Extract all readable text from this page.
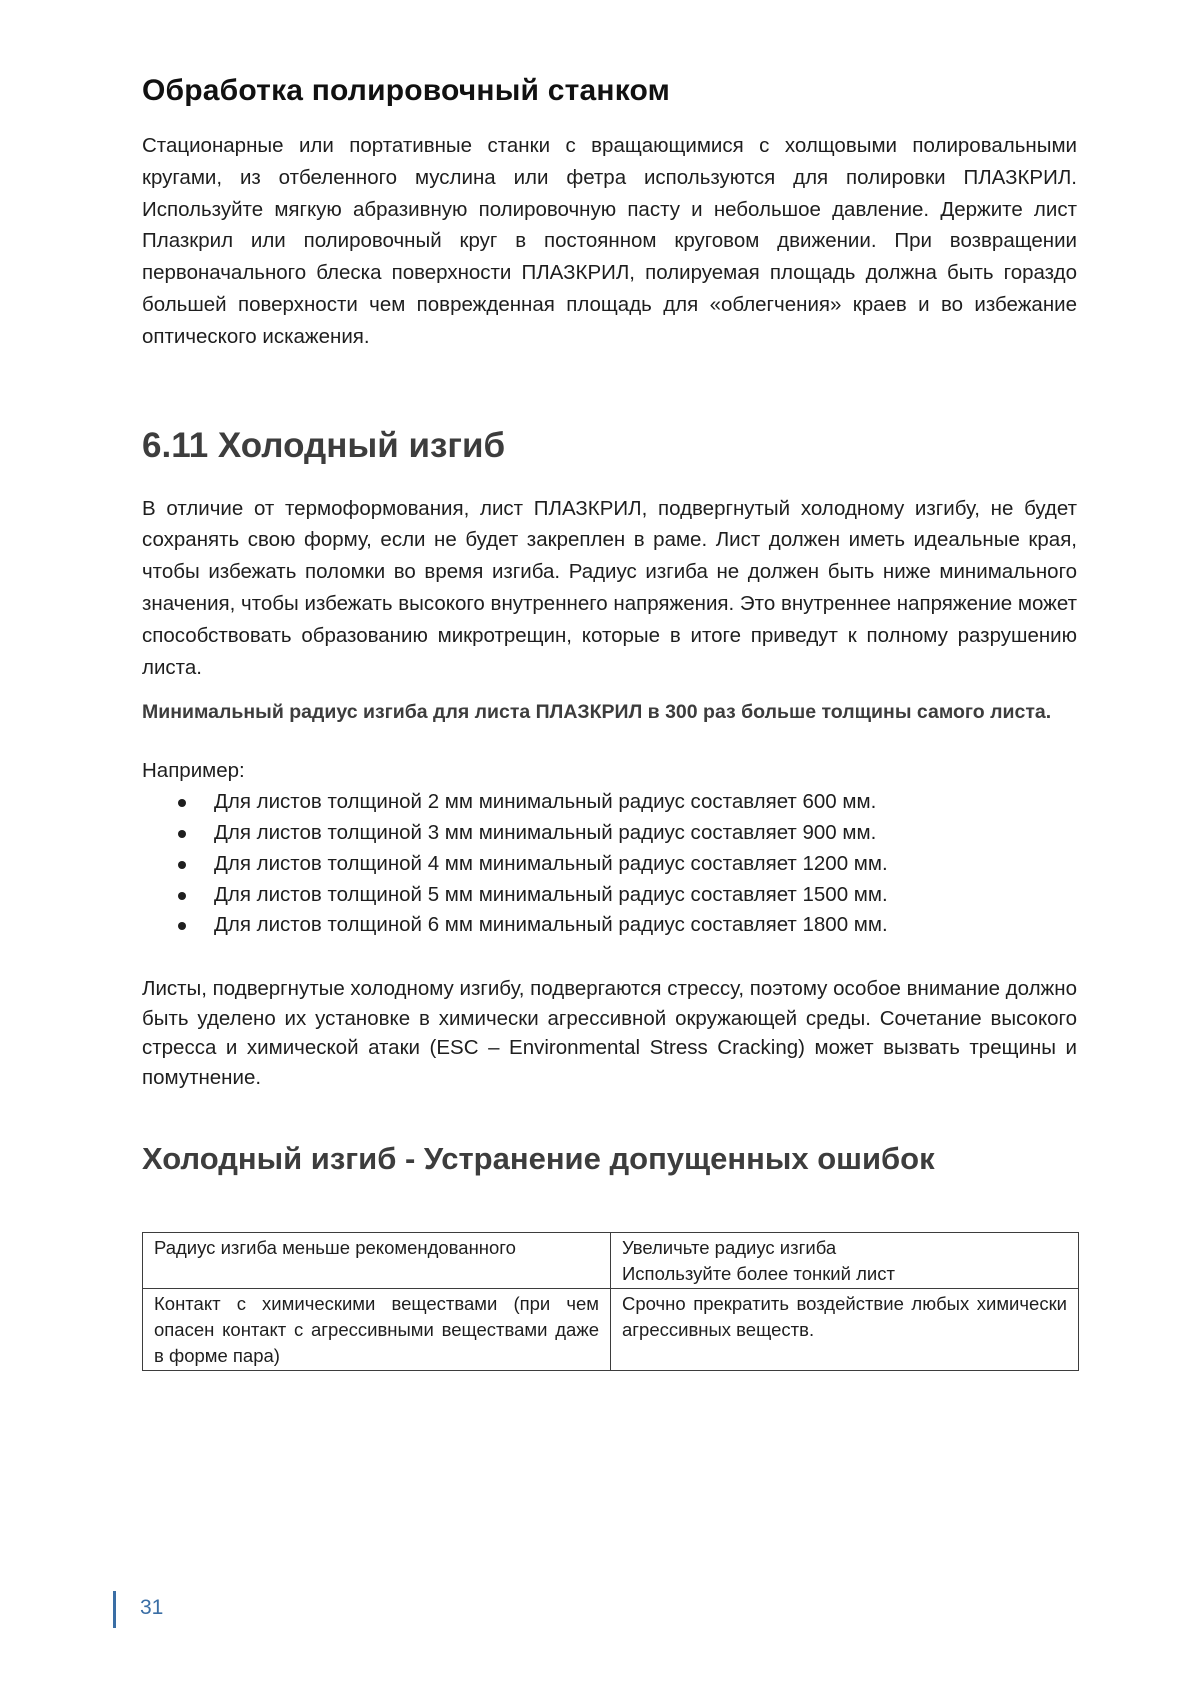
Обработка полировочный станком

Стационарные или портативные станки с вращающимися с холщовыми полировальными кругами, из отбеленного муслина или фетра используются для полировки ПЛАЗКРИЛ. Используйте мягкую абразивную полировочную пасту и небольшое давление. Держите лист Плазкрил или полировочный круг в постоянном круговом движении. При возвращении первоначального блеска поверхности ПЛАЗКРИЛ, полируемая площадь должна быть гораздо большей поверхности чем поврежденная площадь для «облегчения» краев и во избежание оптического искажения.

6.11 Холодный изгиб

В отличие от термоформования, лист ПЛАЗКРИЛ, подвергнутый холодному изгибу, не будет сохранять свою форму, если не будет закреплен в раме. Лист должен иметь идеальные края, чтобы избежать поломки во время изгиба. Радиус изгиба не должен быть ниже минимального значения, чтобы избежать высокого внутреннего напряжения. Это внутреннее напряжение может способствовать образованию микротрещин, которые в итоге приведут к полному разрушению листа.

Минимальный радиус изгиба для листа ПЛАЗКРИЛ в 300 раз больше толщины самого листа.

Например:

Для листов толщиной 2 мм минимальный радиус составляет 600 мм.
Для листов толщиной 3 мм минимальный радиус составляет 900 мм.
Для листов толщиной 4 мм минимальный радиус составляет 1200 мм.
Для листов толщиной 5 мм минимальный радиус составляет 1500 мм.
Для листов толщиной 6 мм минимальный радиус составляет 1800 мм.

Листы, подвергнутые холодному изгибу, подвергаются стрессу, поэтому особое внимание должно быть уделено их установке в химически агрессивной окружающей среды. Сочетание высокого стресса и химической атаки (ESC – Environmental Stress Cracking) может вызвать трещины и помутнение.

Холодный изгиб - Устранение допущенных ошибок
Радиус изгиба меньше рекомендованного	Увеличьте радиус изгиба
Используйте более тонкий лист

Контакт с химическими веществами (при чем опасен контакт с агрессивными веществами даже в форме пара)	Срочно прекратить воздействие любых химически агрессивных веществ.
31
